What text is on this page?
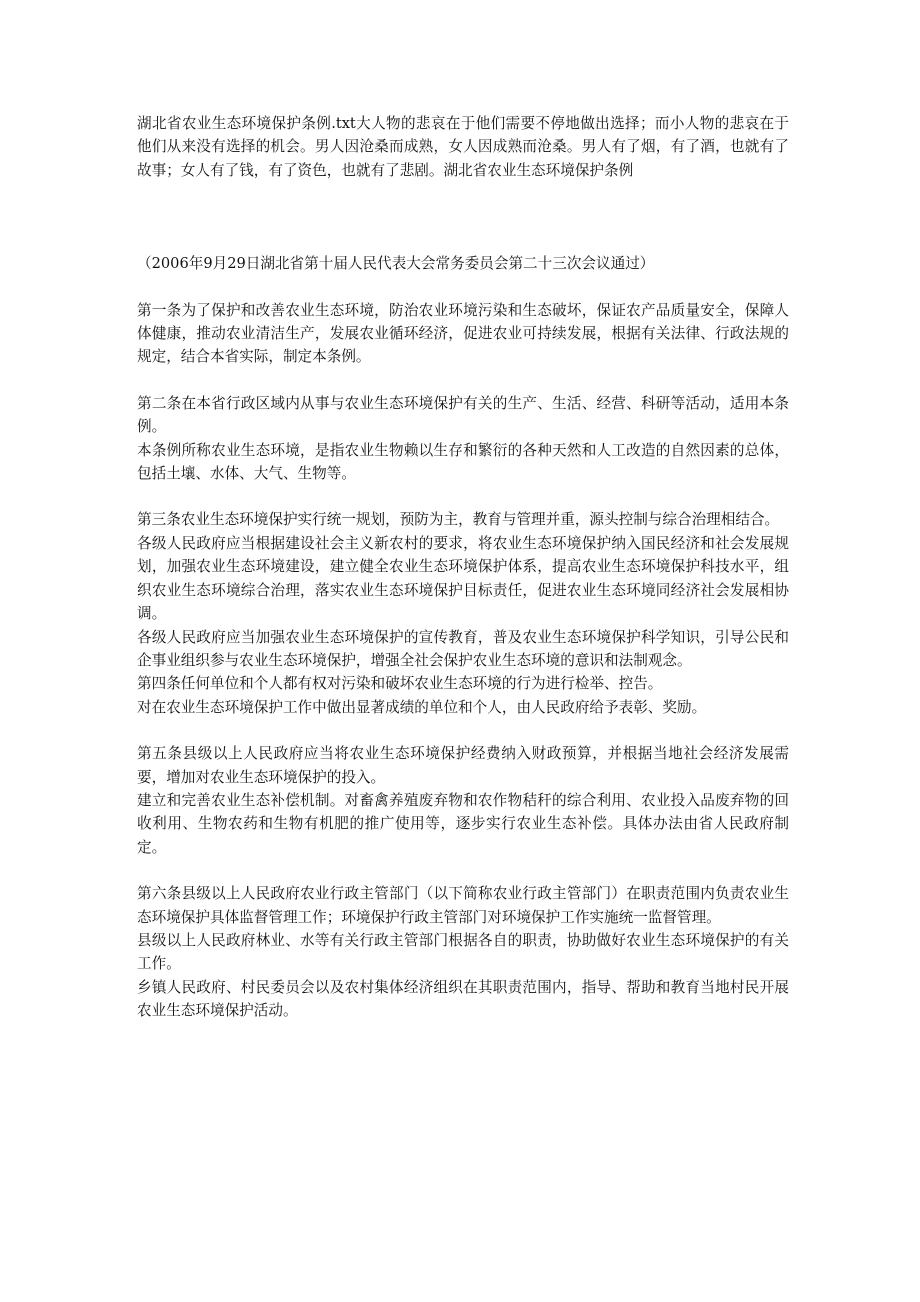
湖北省农业生态环境保护条例.txt大人物的悲哀在于他们需要不停地做出选择；而小人物的悲哀在于他们从来没有选择的机会。男人因沧桑而成熟，女人因成熟而沧桑。男人有了烟，有了酒，也就有了故事；女人有了钱，有了资色，也就有了悲剧。湖北省农业生态环境保护条例

（2006年9月29日湖北省第十届人民代表大会常务委员会第二十三次会议通过）

第一条为了保护和改善农业生态环境，防治农业环境污染和生态破坏，保证农产品质量安全，保障人体健康，推动农业清洁生产，发展农业循环经济，促进农业可持续发展，根据有关法律、行政法规的规定，结合本省实际，制定本条例。

第二条在本省行政区域内从事与农业生态环境保护有关的生产、生活、经营、科研等活动，适用本条例。

本条例所称农业生态环境，是指农业生物赖以生存和繁衍的各种天然和人工改造的自然因素的总体，包括土壤、水体、大气、生物等。

第三条农业生态环境保护实行统一规划，预防为主，教育与管理并重，源头控制与综合治理相结合。

各级人民政府应当根据建设社会主义新农村的要求，将农业生态环境保护纳入国民经济和社会发展规划，加强农业生态环境建设，建立健全农业生态环境保护体系，提高农业生态环境保护科技水平，组织农业生态环境综合治理，落实农业生态环境保护目标责任，促进农业生态环境同经济社会发展相协调。

各级人民政府应当加强农业生态环境保护的宣传教育，普及农业生态环境保护科学知识，引导公民和企事业组织参与农业生态环境保护，增强全社会保护农业生态环境的意识和法制观念。

第四条任何单位和个人都有权对污染和破坏农业生态环境的行为进行检举、控告。

对在农业生态环境保护工作中做出显著成绩的单位和个人，由人民政府给予表彰、奖励。

第五条县级以上人民政府应当将农业生态环境保护经费纳入财政预算，并根据当地社会经济发展需要，增加对农业生态环境保护的投入。

建立和完善农业生态补偿机制。对畜禽养殖废弃物和农作物秸秆的综合利用、农业投入品废弃物的回收利用、生物农药和生物有机肥的推广使用等，逐步实行农业生态补偿。具体办法由省人民政府制定。

第六条县级以上人民政府农业行政主管部门（以下简称农业行政主管部门）在职责范围内负责农业生态环境保护具体监督管理工作；环境保护行政主管部门对环境保护工作实施统一监督管理。

县级以上人民政府林业、水等有关行政主管部门根据各自的职责，协助做好农业生态环境保护的有关工作。

乡镇人民政府、村民委员会以及农村集体经济组织在其职责范围内，指导、帮助和教育当地村民开展农业生态环境保护活动。
